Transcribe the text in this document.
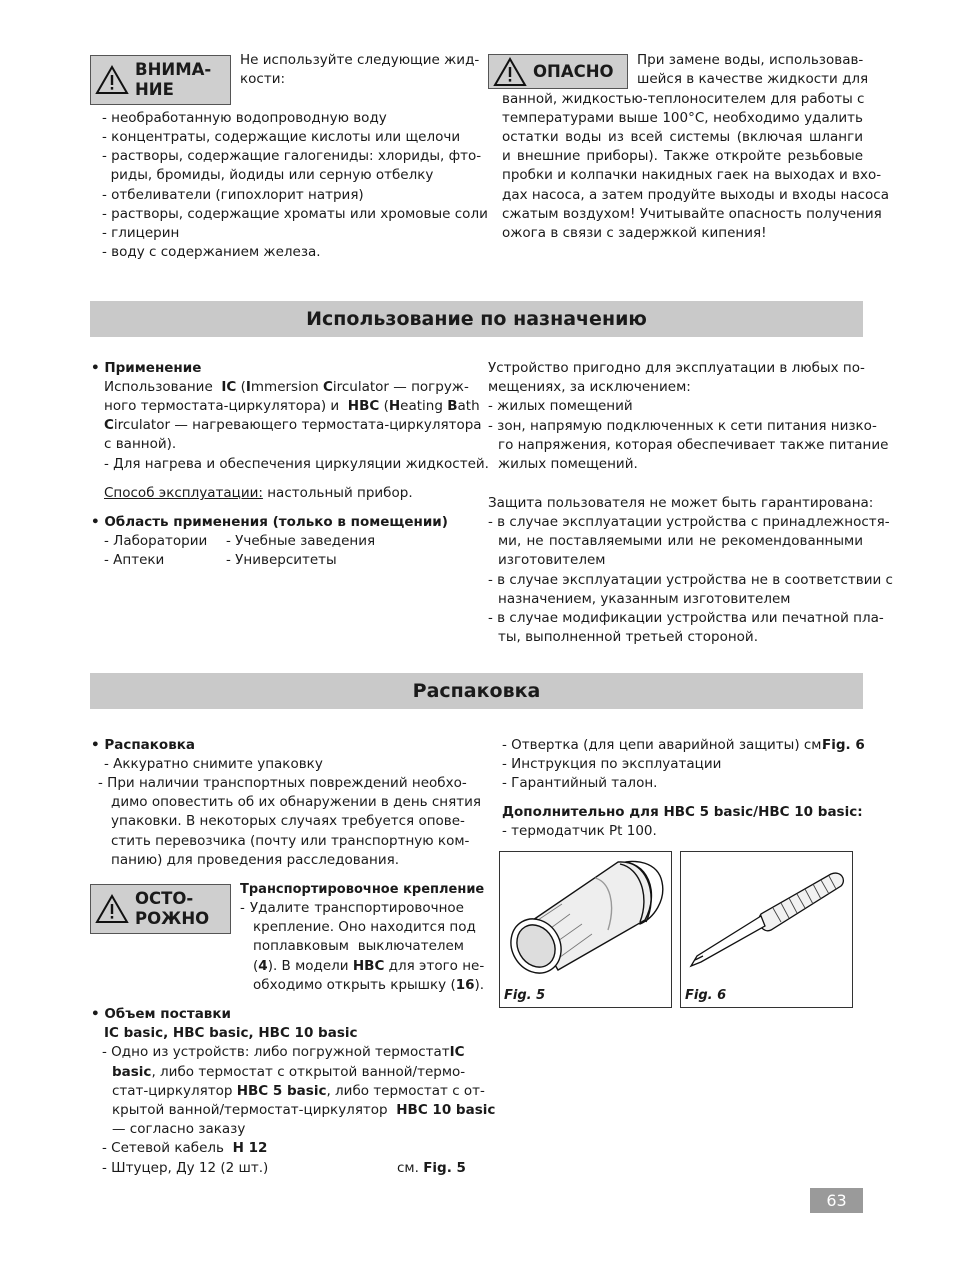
ВНИМА-
НИЕ
Не используйте следующие жид-
кости:
- необработанную водопроводную воду
- концентраты, содержащие кислоты или щелочи
- растворы, содержащие галогениды: хлориды, фто-
риды, бромиды, йодиды или серную отбелку
- отбеливатели (гипохлорит натрия)
- растворы, содержащие хроматы или хромовые соли
- глицерин
- воду с содержанием железа.
ОПАСНО
При замене воды, использовав-
шейся в качестве жидкости для
ванной, жидкостью-теплоносителем для работы с
температурами выше 100°C, необходимо удалить
остатки воды из всей системы (включая шланги
и внешние приборы). Также откройте резьбовые
пробки и колпачки накидных гаек на выходах и вхо-
дах насоса, а затем продуйте выходы и входы насоса
сжатым воздухом! Учитывайте опасность получения
ожога в связи с задержкой кипения!
Использование по назначению
• Применение
Использование IC (Immersion Circulator — погруж-
ного термостата-циркулятора) и HBC (Heating Bath
Circulator — нагревающего термостата-циркулятора
с ванной).
- Для нагрева и обеспечения циркуляции жидкостей.
Способ эксплуатации: настольный прибор.
• Область применения (только в помещении)
- Лаборатории - Учебные заведения
- Аптеки	- Университеты
Устройство пригодно для эксплуатации в любых по-
мещениях, за исключением:
- жилых помещений
- зон, напрямую подключенных к сети питания низко-
го напряжения, которая обеспечивает также питание
жилых помещений.
Защита пользователя не может быть гарантирована:
- в случае эксплуатации устройства с принадлежностя-
ми, не поставляемыми или не рекомендованными
изготовителем
- в случае эксплуатации устройства не в соответствии с
назначением, указанным изготовителем
- в случае модификации устройства или печатной пла-
ты, выполненной третьей стороной.
Распаковка
• Распаковка
- Аккуратно снимите упаковку
- При наличии транспортных повреждений необхо-
димо оповестить об их обнаружении в день снятия
упаковки. В некоторых случаях требуется опове-
стить перевозчика (почту или транспортную ком-
панию) для проведения расследования.
ОСТО-
РОЖНО
Транспортировочное крепление
- Удалите транспортировочное
крепление. Оно находится под
поплавковым выключателем
(4). В модели HBC для этого не-
обходимо открыть крышку (16).
• Объем поставки
IC basic, HBC basic, HBC 10 basic
- Одно из устройств: либо погружной термостат IC
basic, либо термостат с открытой ванной/термо-
стат-циркулятор HBC 5 basic, либо термостат с от-
крытой ванной/термостат-циркулятор HBC 10 basic
— согласно заказу
- Сетевой кабель H 12
- Штуцер, Ду 12 (2 шт.)	см. Fig. 5
- Отвертка (для цепи аварийной защиты) см.
Fig. 6
- Инструкция по эксплуатации
- Гарантийный талон.
Дополнительно для HBC 5 basic/HBC 10 basic:
- термодатчик Pt 100.
Fig. 5	Fig. 6
63
